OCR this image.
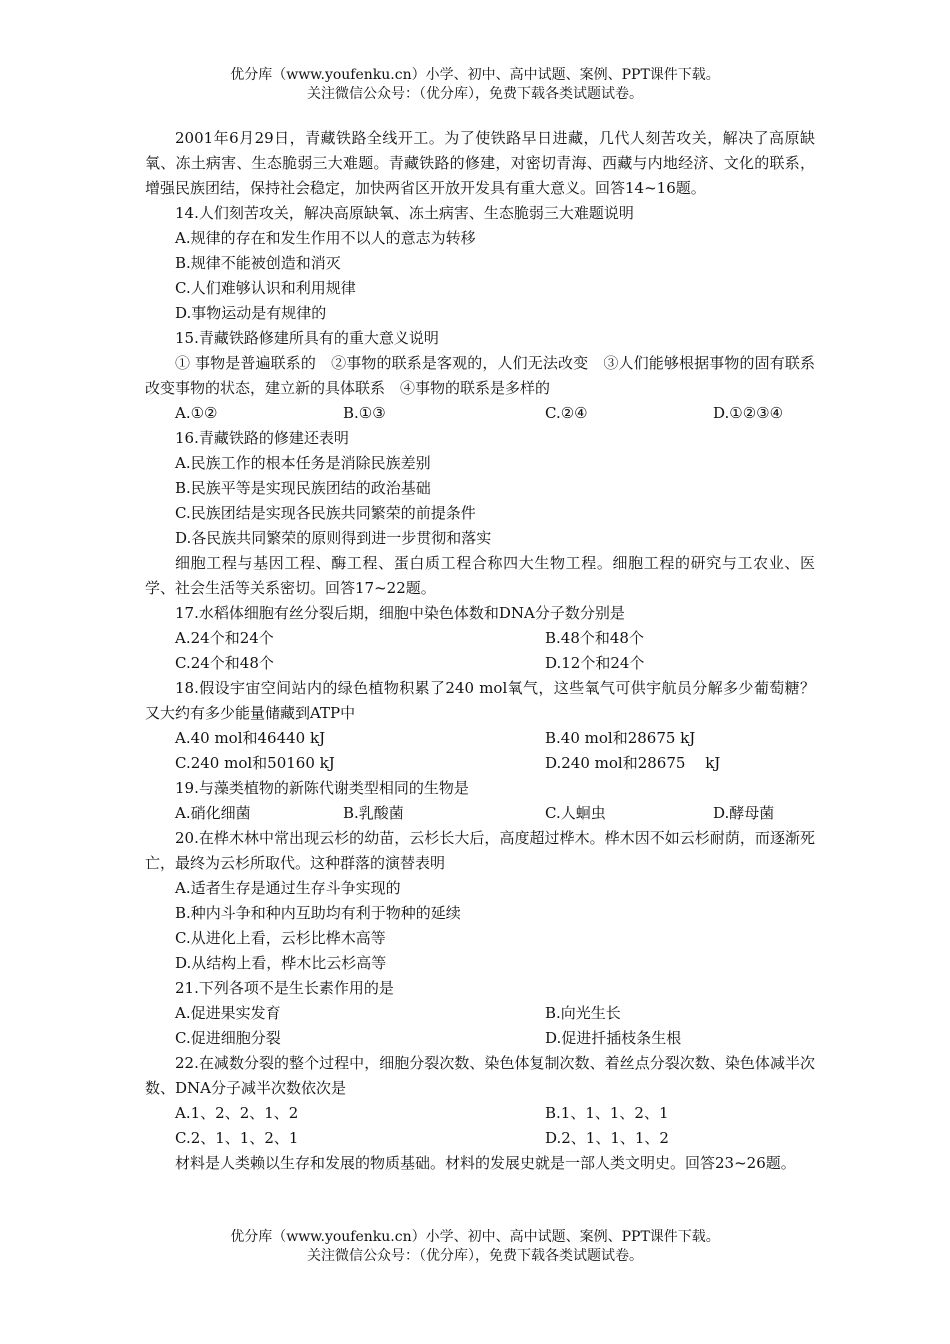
优分库（www.youfenku.cn）小学、初中、高中试题、案例、PPT课件下载。
关注微信公众号：（优分库），免费下载各类试题试卷。
2001年6月29日，青藏铁路全线开工。为了使铁路早日进藏，几代人刻苦攻关，解决了高原缺氧、冻土病害、生态脆弱三大难题。青藏铁路的修建，对密切青海、西藏与内地经济、文化的联系，增强民族团结，保持社会稳定，加快两省区开放开发具有重大意义。回答14~16题。
14.人们刻苦攻关，解决高原缺氧、冻土病害、生态脆弱三大难题说明
A.规律的存在和发生作用不以人的意志为转移
B.规律不能被创造和消灭
C.人们难够认识和利用规律
D.事物运动是有规律的
15.青藏铁路修建所具有的重大意义说明
① 事物是普遍联系的　②事物的联系是客观的，人们无法改变　③人们能够根据事物的固有联系改变事物的状态，建立新的具体联系　④事物的联系是多样的
A.①②	B.①③	C.②④	D.①②③④
16.青藏铁路的修建还表明
A.民族工作的根本任务是消除民族差别
B.民族平等是实现民族团结的政治基础
C.民族团结是实现各民族共同繁荣的前提条件
D.各民族共同繁荣的原则得到进一步贯彻和落实
细胞工程与基因工程、酶工程、蛋白质工程合称四大生物工程。细胞工程的研究与工农业、医学、社会生活等关系密切。回答17~22题。
17.水稻体细胞有丝分裂后期，细胞中染色体数和DNA分子数分别是
A.24个和24个	B.48个和48个
C.24个和48个	D.12个和24个
18.假设宇宙空间站内的绿色植物积累了240 mol氧气，这些氧气可供宇航员分解多少葡萄糖？又大约有多少能量储藏到ATP中
A.40 mol和46440 kJ	B.40 mol和28675 kJ
C.240 mol和50160 kJ	D.240 mol和28675　 kJ
19.与藻类植物的新陈代谢类型相同的生物是
A.硝化细菌	B.乳酸菌	C.人蛔虫	D.酵母菌
20.在桦木林中常出现云杉的幼苗，云杉长大后，高度超过桦木。桦木因不如云杉耐荫，而逐渐死亡，最终为云杉所取代。这种群落的演替表明
A.适者生存是通过生存斗争实现的
B.种内斗争和种内互助均有利于物种的延续
C.从进化上看，云杉比桦木高等
D.从结构上看，桦木比云杉高等
21.下列各项不是生长素作用的是
A.促进果实发育	B.向光生长
C.促进细胞分裂	D.促进扦插枝条生根
22.在减数分裂的整个过程中，细胞分裂次数、染色体复制次数、着丝点分裂次数、染色体减半次数、DNA分子减半次数依次是
A.1、2、2、1、2	B.1、1、1、2、1
C.2、1、1、2、1	D.2、1、1、1、2
材料是人类赖以生存和发展的物质基础。材料的发展史就是一部人类文明史。回答23~26题。
优分库（www.youfenku.cn）小学、初中、高中试题、案例、PPT课件下载。
关注微信公众号：（优分库），免费下载各类试题试卷。
